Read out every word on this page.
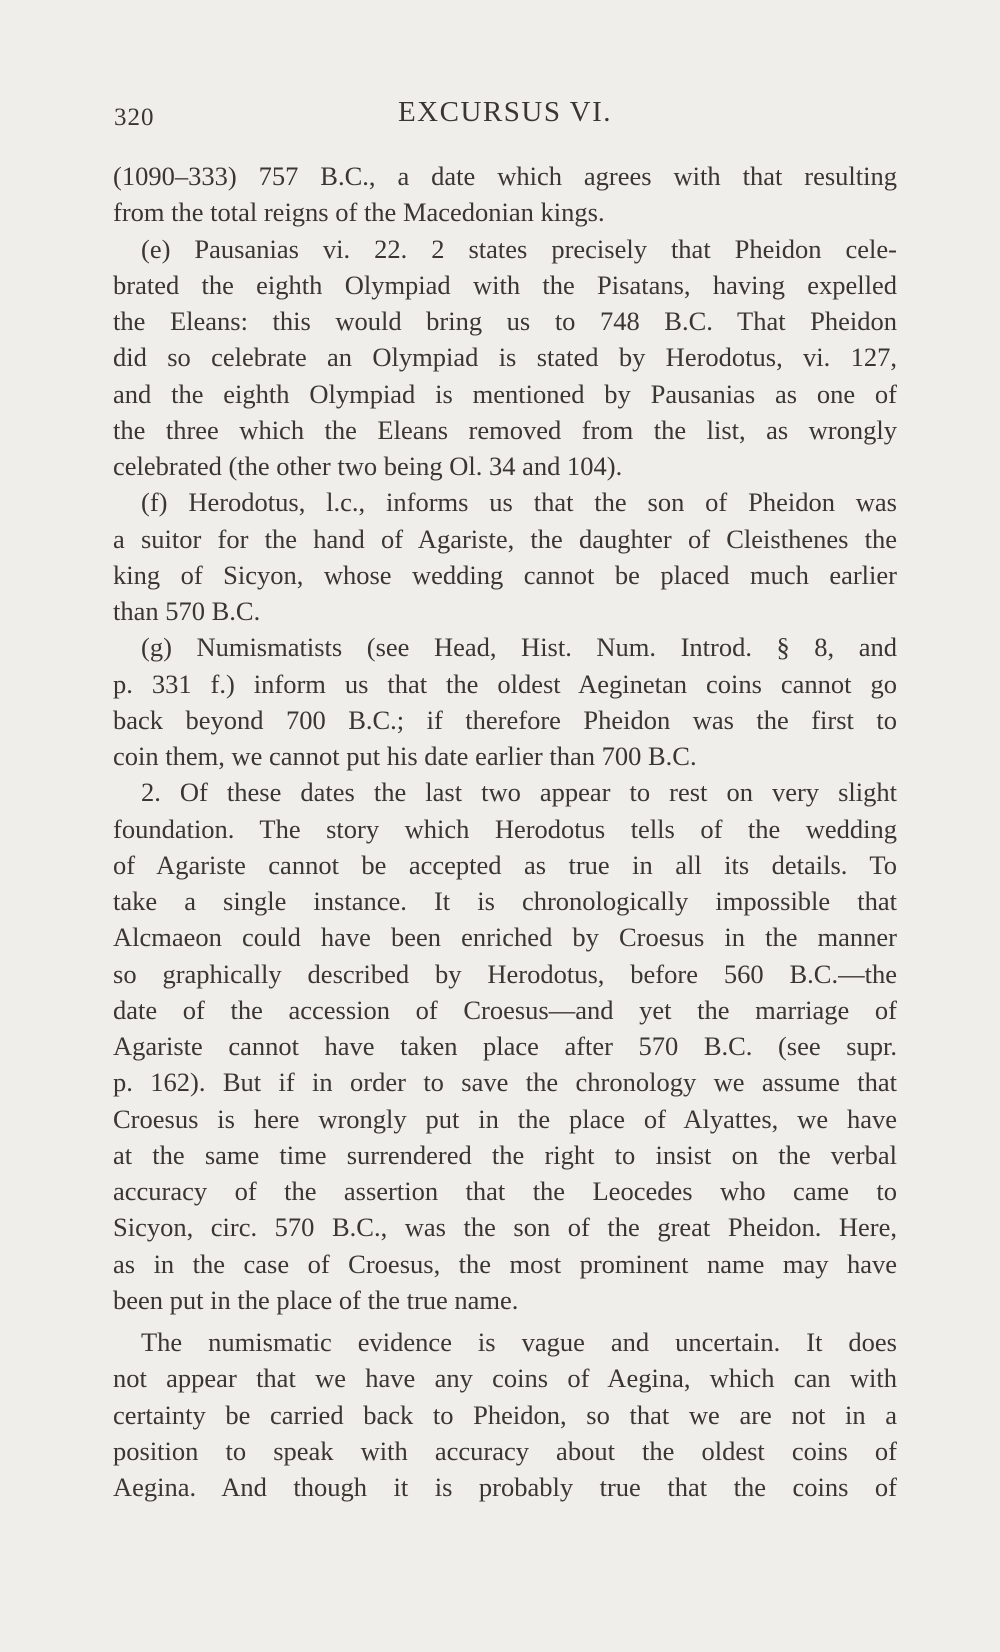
320	EXCURSUS VI.
(1090–333) 757 B.C., a date which agrees with that resulting
from the total reigns of the Macedonian kings.
(e) Pausanias vi. 22. 2 states precisely that Pheidon cele-
brated the eighth Olympiad with the Pisatans, having expelled
the Eleans: this would bring us to 748 B.C. That Pheidon
did so celebrate an Olympiad is stated by Herodotus, vi. 127,
and the eighth Olympiad is mentioned by Pausanias as one of
the three which the Eleans removed from the list, as wrongly
celebrated (the other two being Ol. 34 and 104).
(f) Herodotus, l.c., informs us that the son of Pheidon was
a suitor for the hand of Agariste, the daughter of Cleisthenes the
king of Sicyon, whose wedding cannot be placed much earlier
than 570 B.C.
(g) Numismatists (see Head, Hist. Num. Introd. § 8, and
p. 331 f.) inform us that the oldest Aeginetan coins cannot go
back beyond 700 B.C.; if therefore Pheidon was the first to
coin them, we cannot put his date earlier than 700 B.C.
2. Of these dates the last two appear to rest on very slight
foundation. The story which Herodotus tells of the wedding
of Agariste cannot be accepted as true in all its details. To
take a single instance. It is chronologically impossible that
Alcmaeon could have been enriched by Croesus in the manner
so graphically described by Herodotus, before 560 B.C.—the
date of the accession of Croesus—and yet the marriage of
Agariste cannot have taken place after 570 B.C. (see supr.
p. 162). But if in order to save the chronology we assume that
Croesus is here wrongly put in the place of Alyattes, we have
at the same time surrendered the right to insist on the verbal
accuracy of the assertion that the Leocedes who came to
Sicyon, circ. 570 B.C., was the son of the great Pheidon. Here,
as in the case of Croesus, the most prominent name may have
been put in the place of the true name.
The numismatic evidence is vague and uncertain. It does
not appear that we have any coins of Aegina, which can with
certainty be carried back to Pheidon, so that we are not in a
position to speak with accuracy about the oldest coins of
Aegina. And though it is probably true that the coins of
